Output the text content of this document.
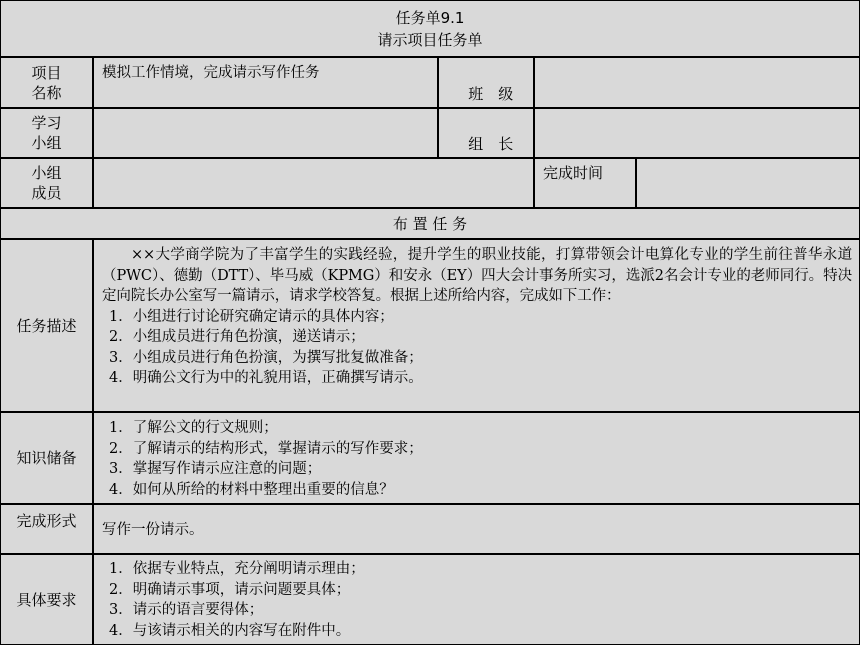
任务单9.1
请示项目任务单
项目
名称
模拟工作情境，完成请示写作任务

班　级

学习
小组	组　长

小组
成员
完成时间
布 置 任 务
任务描述
××大学商学院为了丰富学生的实践经验，提升学生的职业技能，打算带领会计电算化专业的学生前往普华永道（PWC）、德勤（DTT）、毕马威（KPMG）和安永（EY）四大会计事务所实习，选派2名会计专业的老师同行。特决定向院长办公室写一篇请示，请求学校答复。根据上述所给内容，完成如下工作：
1．小组进行讨论研究确定请示的具体内容；
2．小组成员进行角色扮演，递送请示；
3．小组成员进行角色扮演，为撰写批复做准备；
4．明确公文行为中的礼貌用语，正确撰写请示。
知识储备
1．了解公文的行文规则；
2．了解请示的结构形式，掌握请示的写作要求；
3．掌握写作请示应注意的问题；
4．如何从所给的材料中整理出重要的信息？
完成形式	写作一份请示。
具体要求
1．依据专业特点，充分阐明请示理由；
2．明确请示事项，请示问题要具体；
3．请示的语言要得体；
4．与该请示相关的内容写在附件中。
